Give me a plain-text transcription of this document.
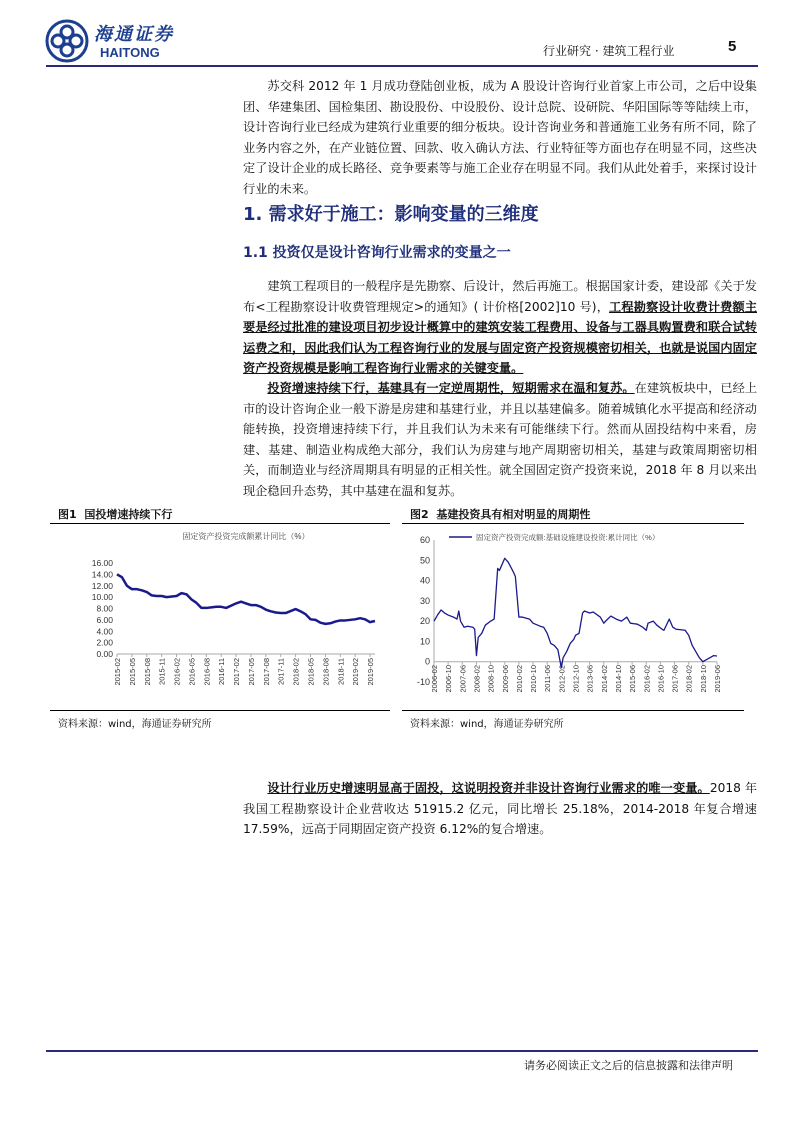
海通证券
HAITONG	行业研究 · 建筑工程行业	5
苏交科 2012 年 1 月成功登陆创业板，成为 A 股设计咨询行业首家上市公司，之后中设集团、华建集团、国检集团、勘设股份、中设股份、设计总院、设研院、华阳国际等等陆续上市，设计咨询行业已经成为建筑行业重要的细分板块。设计咨询业务和普通施工业务有所不同，除了业务内容之外，在产业链位置、回款、收入确认方法、行业特征等方面也存在明显不同，这些决定了设计企业的成长路径、竞争要素等与施工企业存在明显不同。我们从此处着手，来探讨设计行业的未来。
1. 需求好于施工：影响变量的三维度
1.1 投资仅是设计咨询行业需求的变量之一
建筑工程项目的一般程序是先勘察、后设计，然后再施工。根据国家计委，建设部《关于发布<工程勘察设计收费管理规定>的通知》( 计价格[2002]10 号)，工程勘察设计收费计费额主要是经过批准的建设项目初步设计概算中的建筑安装工程费用、设备与工器具购置费和联合试转运费之和，因此我们认为工程咨询行业的发展与固定资产投资规模密切相关，也就是说国内固定资产投资规模是影响工程咨询行业需求的关键变量。
投资增速持续下行，基建具有一定逆周期性，短期需求在温和复苏。在建筑板块中，已经上市的设计咨询企业一般下游是房建和基建行业，并且以基建偏多。随着城镇化水平提高和经济动能转换，投资增速持续下行，并且我们认为未来有可能继续下行。然而从固投结构中来看，房建、基建、制造业构成绝大部分，我们认为房建与地产周期密切相关，基建与政策周期密切相关，而制造业与经济周期具有明显的正相关性。就全国固定资产投资来说，2018 年 8 月以来出现企稳回升态势，其中基建在温和复苏。
图1 国投增速持续下行
固定资产投资完成额累计同比（%）
0.00
2.00
4.00
6.00
8.00
10.00
12.00
14.00
16.00
2015-02 2015-05 2015-08 2015-11 2016-02 2016-05 2016-08 2016-11 2017-02 2017-05 2017-08 2017-11 2018-02 2018-05 2018-08 2018-11 2019-02 2019-05
资料来源：wind，海通证券研究所
图2 基建投资具有相对明显的周期性
-10
0
10
20
30
40
50
60
2006-02 2006-10 2007-06 2008-02 2008-10 2009-06 2010-02 2010-10 2011-06 2012-02 2012-10 2013-06 2014-02 2014-10 2015-06 2016-02 2016-10 2017-06 2018-02 2018-10 2019-06
固定资产投资完成额:基础设施建设投资:累计同比（%）
资料来源：wind，海通证券研究所
设计行业历史增速明显高于固投，这说明投资并非设计咨询行业需求的唯一变量。2018 年我国工程勘察设计企业营收达 51915.2 亿元，同比增长 25.18%，2014-2018 年复合增速 17.59%，远高于同期固定资产投资 6.12%的复合增速。
请务必阅读正文之后的信息披露和法律声明
